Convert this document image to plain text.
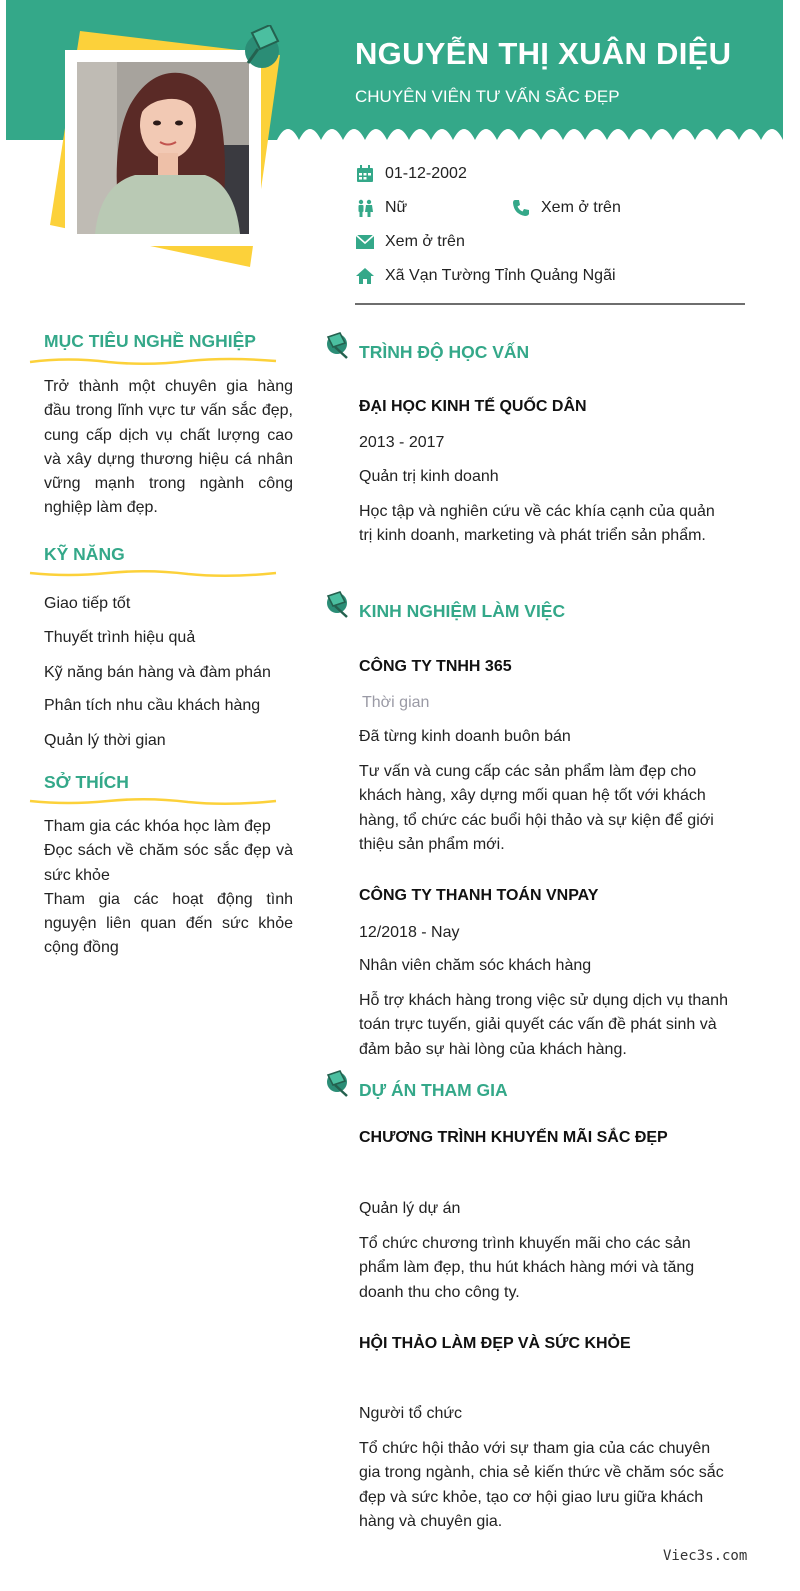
NGUYỄN THỊ XUÂN DIỆU
CHUYÊN VIÊN TƯ VẤN SẮC ĐẸP
01-12-2002
Nữ	Xem ở trên
Xem ở trên
Xã Vạn Tường Tỉnh Quảng Ngãi
MỤC TIÊU NGHỀ NGHIỆP
Trở thành một chuyên gia hàng đầu trong lĩnh vực tư vấn sắc đẹp, cung cấp dịch vụ chất lượng cao và xây dựng thương hiệu cá nhân vững mạnh trong ngành công nghiệp làm đẹp.
KỸ NĂNG
Giao tiếp tốt
Thuyết trình hiệu quả
Kỹ năng bán hàng và đàm phán
Phân tích nhu cầu khách hàng
Quản lý thời gian
SỞ THÍCH

Tham gia các khóa học làm đẹp

Đọc sách về chăm sóc sắc đẹp và sức khỏe

Tham gia các hoạt động tình nguyện liên quan đến sức khỏe cộng đồng

TRÌNH ĐỘ HỌC VẤN
ĐẠI HỌC KINH TẾ QUỐC DÂN
2013 - 2017
Quản trị kinh doanh
Học tập và nghiên cứu về các khía cạnh của quản trị kinh doanh, marketing và phát triển sản phẩm.
KINH NGHIỆM LÀM VIỆC
CÔNG TY TNHH 365
Thời gian
Đã từng kinh doanh buôn bán
Tư vấn và cung cấp các sản phẩm làm đẹp cho khách hàng, xây dựng mối quan hệ tốt với khách hàng, tổ chức các buổi hội thảo và sự kiện để giới thiệu sản phẩm mới.
CÔNG TY THANH TOÁN VNPAY
12/2018 - Nay
Nhân viên chăm sóc khách hàng
Hỗ trợ khách hàng trong việc sử dụng dịch vụ thanh toán trực tuyến, giải quyết các vấn đề phát sinh và đảm bảo sự hài lòng của khách hàng.
DỰ ÁN THAM GIA
CHƯƠNG TRÌNH KHUYẾN MÃI SẮC ĐẸP
Quản lý dự án
Tổ chức chương trình khuyến mãi cho các sản phẩm làm đẹp, thu hút khách hàng mới và tăng doanh thu cho công ty.
HỘI THẢO LÀM ĐẸP VÀ SỨC KHỎE
Người tổ chức
Tổ chức hội thảo với sự tham gia của các chuyên gia trong ngành, chia sẻ kiến thức về chăm sóc sắc đẹp và sức khỏe, tạo cơ hội giao lưu giữa khách hàng và chuyên gia.
Viec3s.com
